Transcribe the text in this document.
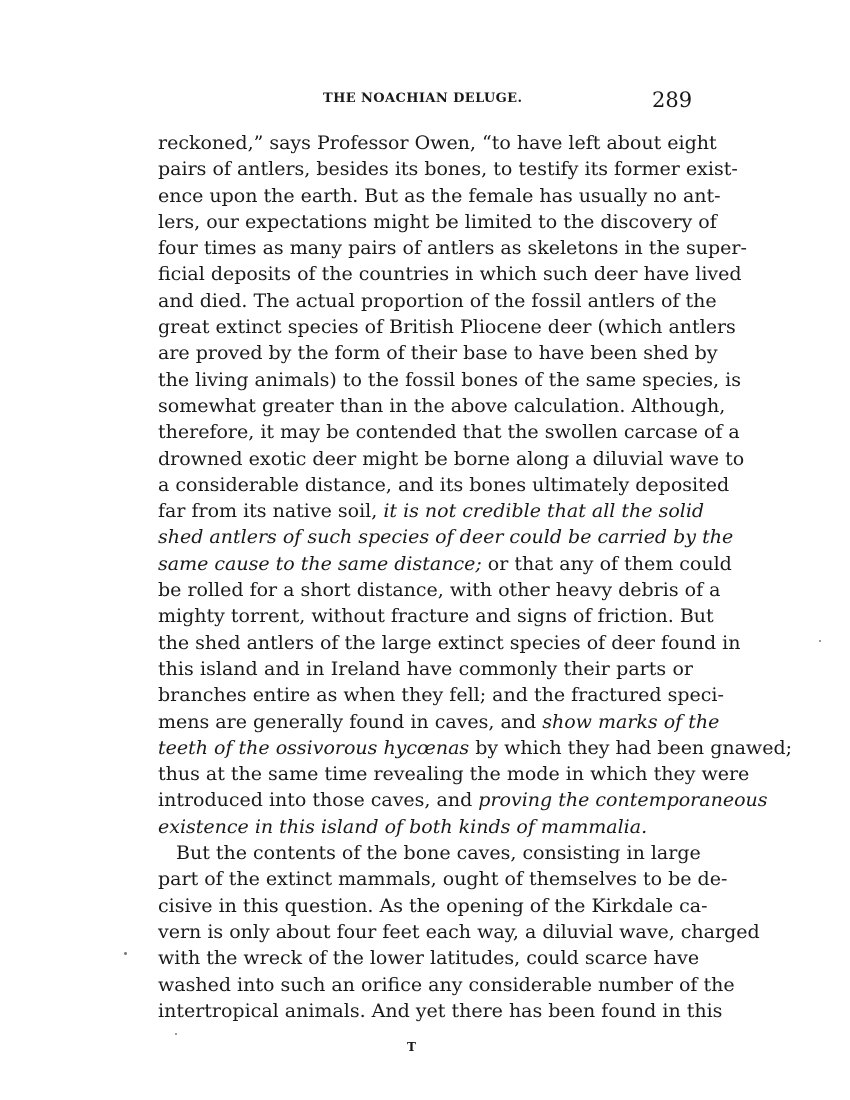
THE NOACHIAN DELUGE.	289
reckoned,” says Professor Owen, “to have left about eight
pairs of antlers, besides its bones, to testify its former exist-
ence upon the earth. But as the female has usually no ant-
lers, our expectations might be limited to the discovery of
four times as many pairs of antlers as skeletons in the super-
ficial deposits of the countries in which such deer have lived
and died. The actual proportion of the fossil antlers of the
great extinct species of British Pliocene deer (which antlers
are proved by the form of their base to have been shed by
the living animals) to the fossil bones of the same species, is
somewhat greater than in the above calculation. Although,
therefore, it may be contended that the swollen carcase of a
drowned exotic deer might be borne along a diluvial wave to
a considerable distance, and its bones ultimately deposited
far from its native soil, it is not credible that all the solid
shed antlers of such species of deer could be carried by the
same cause to the same distance; or that any of them could
be rolled for a short distance, with other heavy debris of a
mighty torrent, without fracture and signs of friction. But
the shed antlers of the large extinct species of deer found in
this island and in Ireland have commonly their parts or
branches entire as when they fell; and the fractured speci-
mens are generally found in caves, and show marks of the
teeth of the ossivorous hycœnas by which they had been gnawed;
thus at the same time revealing the mode in which they were
introduced into those caves, and proving the contemporaneous
existence in this island of both kinds of mammalia.
But the contents of the bone caves, consisting in large
part of the extinct mammals, ought of themselves to be de-
cisive in this question. As the opening of the Kirkdale ca-
vern is only about four feet each way, a diluvial wave, charged
with the wreck of the lower latitudes, could scarce have
washed into such an orifice any considerable number of the
intertropical animals. And yet there has been found in this
T
